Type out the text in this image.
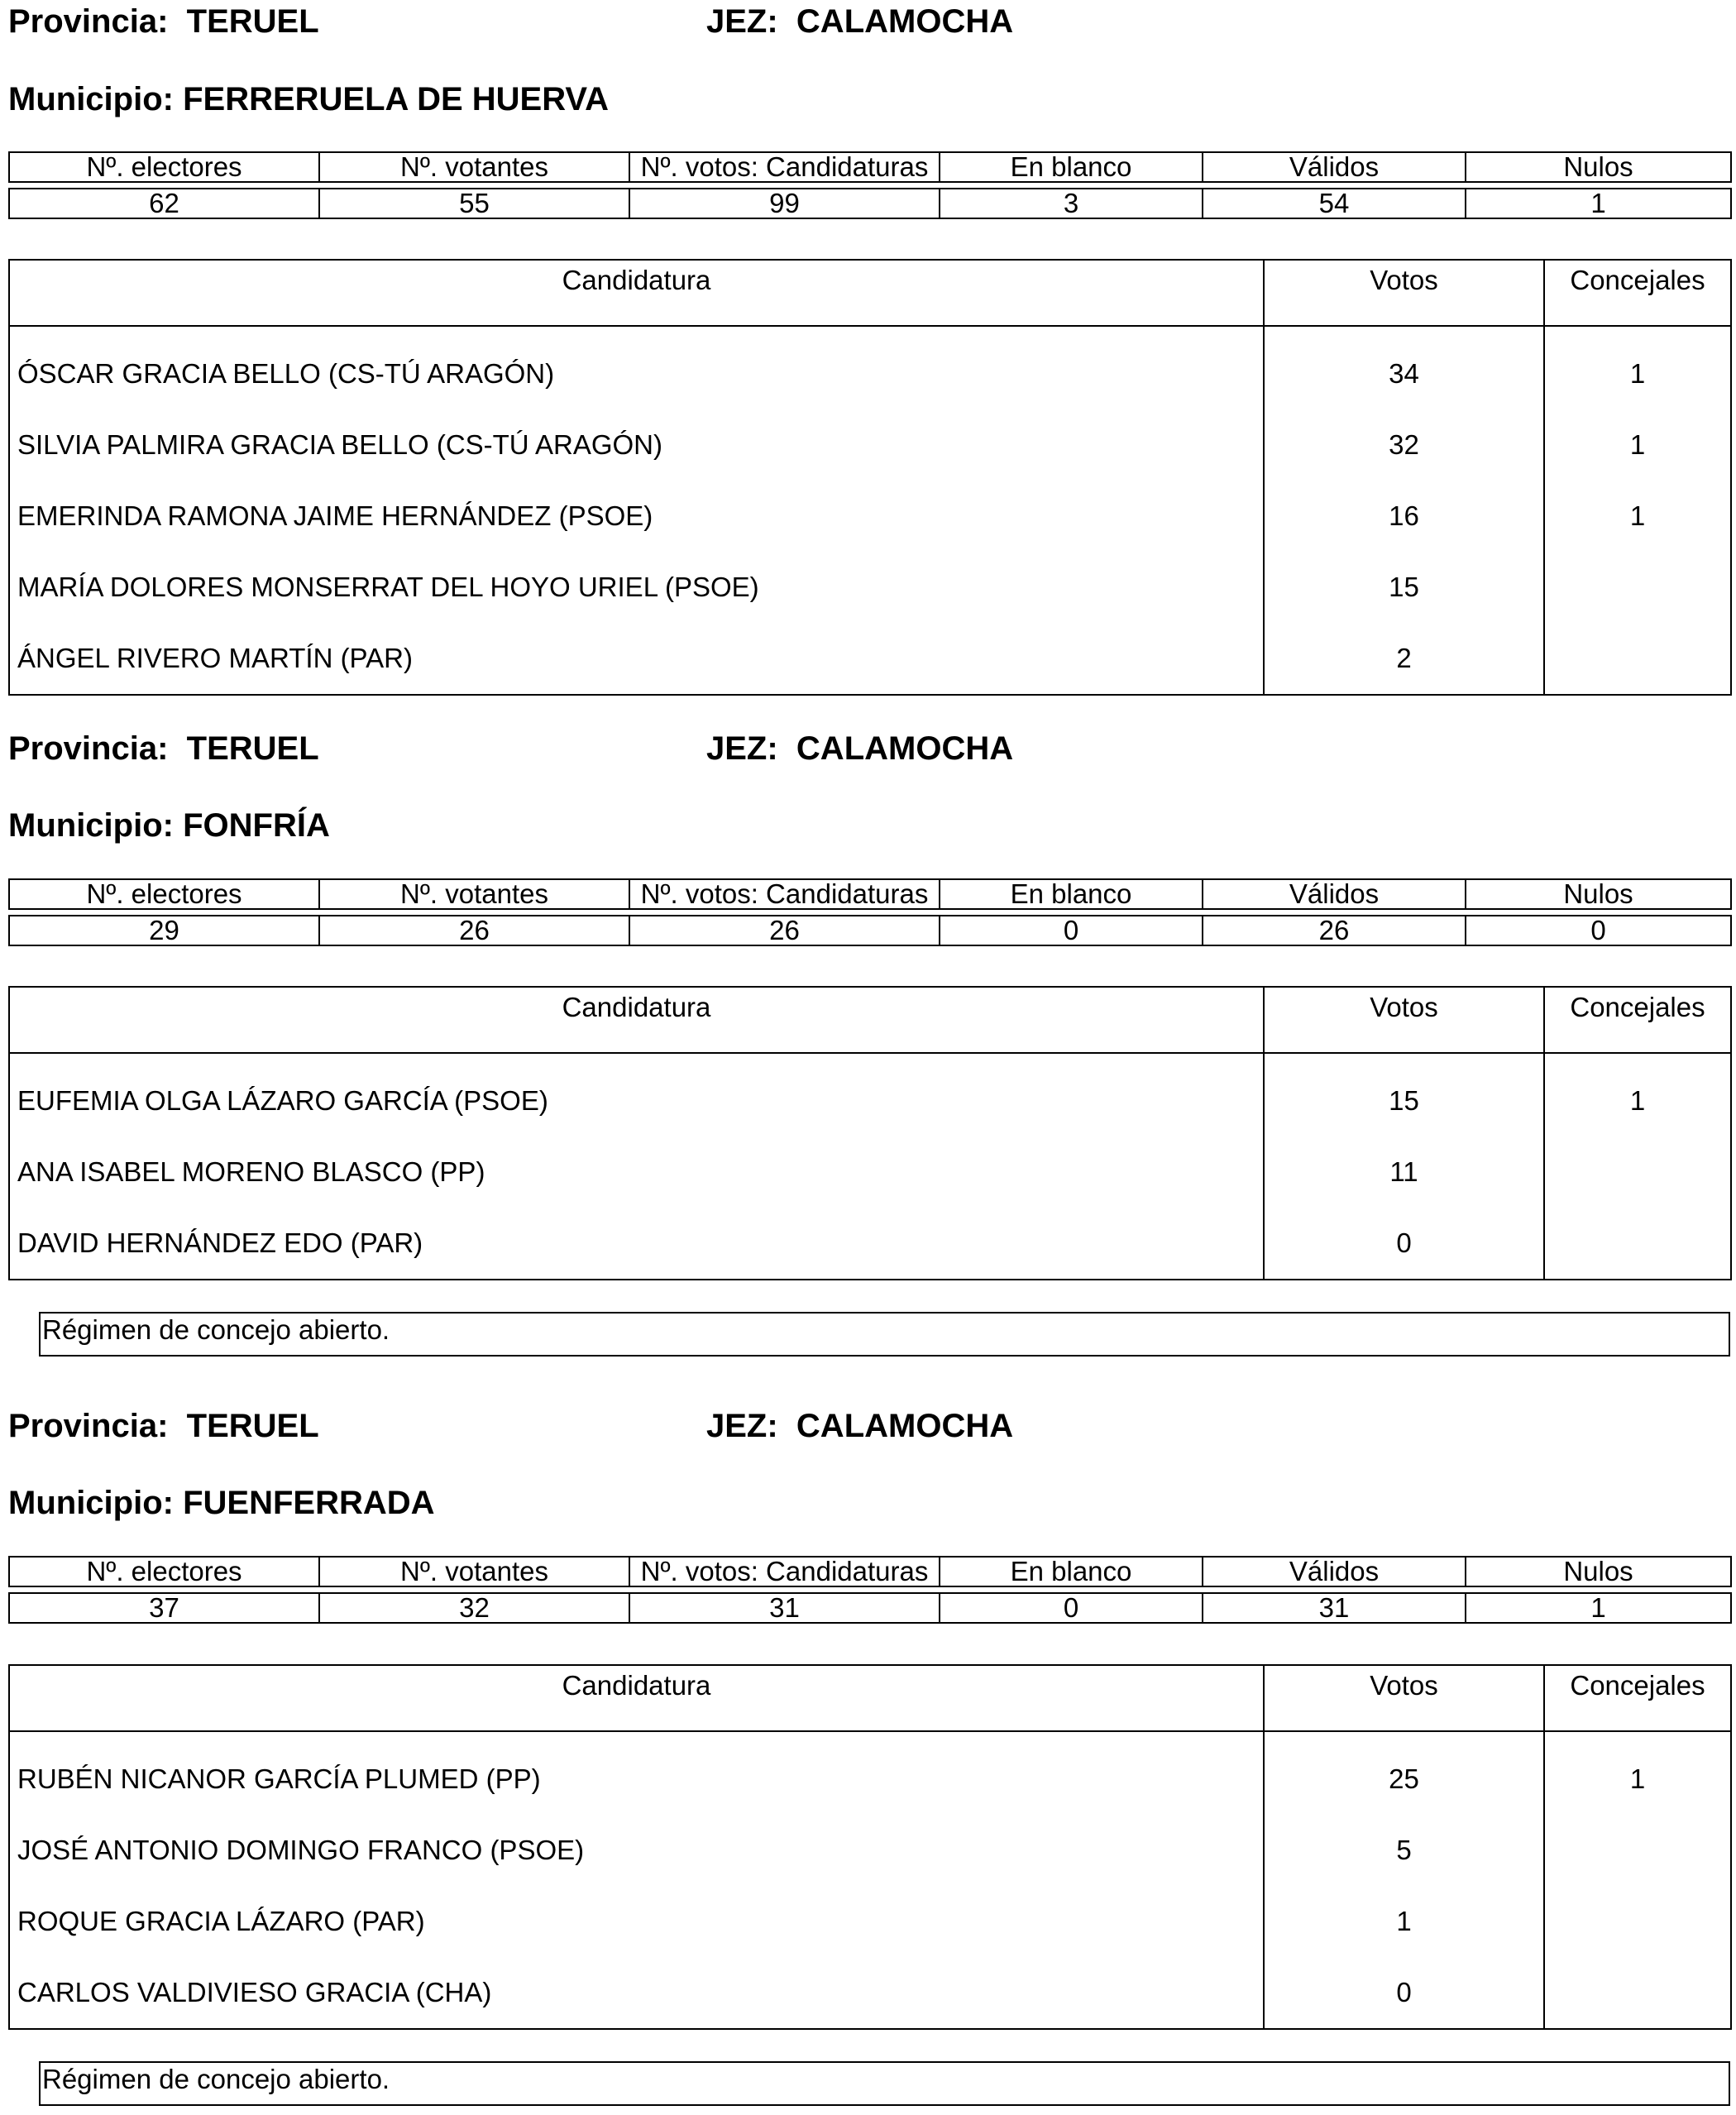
Provincia: TERUEL	JEZ: CALAMOCHA
Municipio: FERRERUELA DE HUERVA
Nº. electores	Nº. votantes	Nº. votos: Candidaturas	En blanco	Válidos	Nulos

62	55	99	3	54	1
Candidatura	Votos	Concejales
ÓSCAR GRACIA BELLO (CS-TÚ ARAGÓN)	34	1
SILVIA PALMIRA GRACIA BELLO (CS-TÚ ARAGÓN)	32	1
EMERINDA RAMONA JAIME HERNÁNDEZ (PSOE)	16	1
MARÍA DOLORES MONSERRAT DEL HOYO URIEL (PSOE)	15	
ÁNGEL RIVERO MARTÍN (PAR)	2	
Provincia: TERUEL	JEZ: CALAMOCHA
Municipio: FONFRÍA
Nº. electores	Nº. votantes	Nº. votos: Candidaturas	En blanco	Válidos	Nulos

29	26	26	0	26	0
Candidatura	Votos	Concejales
EUFEMIA OLGA LÁZARO GARCÍA (PSOE)	15	1
ANA ISABEL MORENO BLASCO (PP)	11	
DAVID HERNÁNDEZ EDO (PAR)	0	
Régimen de concejo abierto.
Provincia: TERUEL	JEZ: CALAMOCHA
Municipio: FUENFERRADA
Nº. electores	Nº. votantes	Nº. votos: Candidaturas	En blanco	Válidos	Nulos

37	32	31	0	31	1
Candidatura	Votos	Concejales
RUBÉN NICANOR GARCÍA PLUMED (PP)	25	1
JOSÉ ANTONIO DOMINGO FRANCO (PSOE)	5	
ROQUE GRACIA LÁZARO (PAR)	1	
CARLOS VALDIVIESO GRACIA (CHA)	0	
Régimen de concejo abierto.
